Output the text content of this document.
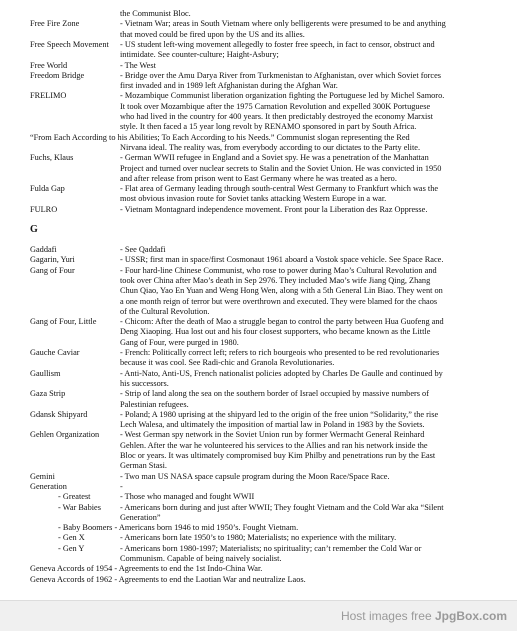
the Communist Bloc.
Free Fire Zone	- Vietnam War; areas in South Vietnam where only belligerents were presumed to be and anything
that moved could be fired upon by the US and its allies.
Free Speech Movement - US student left-wing movement allegedly to foster free speech, in fact to censor, obstruct and
intimidate. See counter-culture; Haight-Asbury;
Free World	- The West
Freedom Bridge	- Bridge over the Amu Darya River from Turkmenistan to Afghanistan, over which Soviet forces
first invaded and in 1989 left Afghanistan during the Afghan War.
FRELIMO	- Mozambique Communist liberation organization fighting the Portuguese led by Michel Samoro.
It took over Mozambique after the 1975 Carnation Revolution and expelled 300K Portuguese
who had lived in the country for 400 years. It then predictably destroyed the economy Marxist
style. It then faced a 15 year long revolt by RENAMO sponsored in part by South Africa.
“From Each According to his Abilities; To Each According to his Needs.” Communist slogan representing the Red
Nirvana ideal. The reality was, from everybody according to our dictates to the Party elite.
Fuchs, Klaus	- German WWII refugee in England and a Soviet spy. He was a penetration of the Manhattan
Project and turned over nuclear secrets to Stalin and the Soviet Union. He was convicted in 1950
and after release from prison went to East Germany where he was treated as a hero.
Fulda Gap	- Flat area of Germany leading through south-central West Germany to Frankfurt which was the
most obvious invasion route for Soviet tanks attacking Western Europe in a war.
FULRO	- Vietnam Montagnard independence movement. Front pour la Liberation des Raz Oppresse.
G
Gaddafi	- See Qaddafi
Gagarin, Yuri	- USSR; first man in space/first Cosmonaut 1961 aboard a Vostok space vehicle. See Space Race.
Gang of Four	- Four hard-line Chinese Communist, who rose to power during Mao’s Cultural Revolution and
took over China after Mao’s death in Sep 2976. They included Mao’s wife Jiang Qing, Zhang
Chun Qiao, Yao En Yuan and Weng Hong Wen, along with a 5th General Lin Biao. They went on
a one month reign of terror but were overthrown and executed. They were blamed for the chaos
of the Cultural Revolution.
Gang of Four, Little	- Chicom: After the death of Mao a struggle began to control the party between Hua Guofeng and
Deng Xiaoping. Hua lost out and his four closest supporters, who became known as the Little
Gang of Four, were purged in 1980.
Gauche Caviar	- French: Politically correct left; refers to rich bourgeois who presented to be red revolutionaries
because it was cool. See Radi-chic and Granola Revolutionaries.
Gaullism	- Anti-Nato, Anti-US, French nationalist policies adopted by Charles De Gaulle and continued by
his successors.
Gaza Strip	- Strip of land along the sea on the southern border of Israel occupied by massive numbers of
Palestinian refugees.
Gdansk Shipyard	- Poland; A 1980 uprising at the shipyard led to the origin of the free union “Solidarity,” the rise
Lech Walesa, and ultimately the imposition of martial law in Poland in 1983 by the Soviets.
Gehlen Organization	- West German spy network in the Soviet Union run by former Wermacht General Reinhard
Gehlen. After the war he volunteered his services to the Allies and ran his network inside the
Bloc or years. It was ultimately compromised buy Kim Philby and penetrations run by the East
German Stasi.
Gemini	- Two man US NASA space capsule program during the Moon Race/Space Race.
Generation	-
- Greatest	- Those who managed and fought WWII
- War Babies - Americans born during and just after WWII; They fought Vietnam and the Cold War aka “Silent
Generation”
- Baby Boomers - Americans born 1946 to mid 1950’s. Fought Vietnam.
- Gen X	- Americans born late 1950’s to 1980; Materialists; no experience with the military.
- Gen Y	- Americans born 1980-1997; Materialists; no spirituality; can’t remember the Cold War or
Communism. Capable of being naively socialist.
Geneva Accords of 1954 - Agreements to end the 1st Indo-China War.
Geneva Accords of 1962 - Agreements to end the Laotian War and neutralize Laos.
Host images free JpgBox.com
